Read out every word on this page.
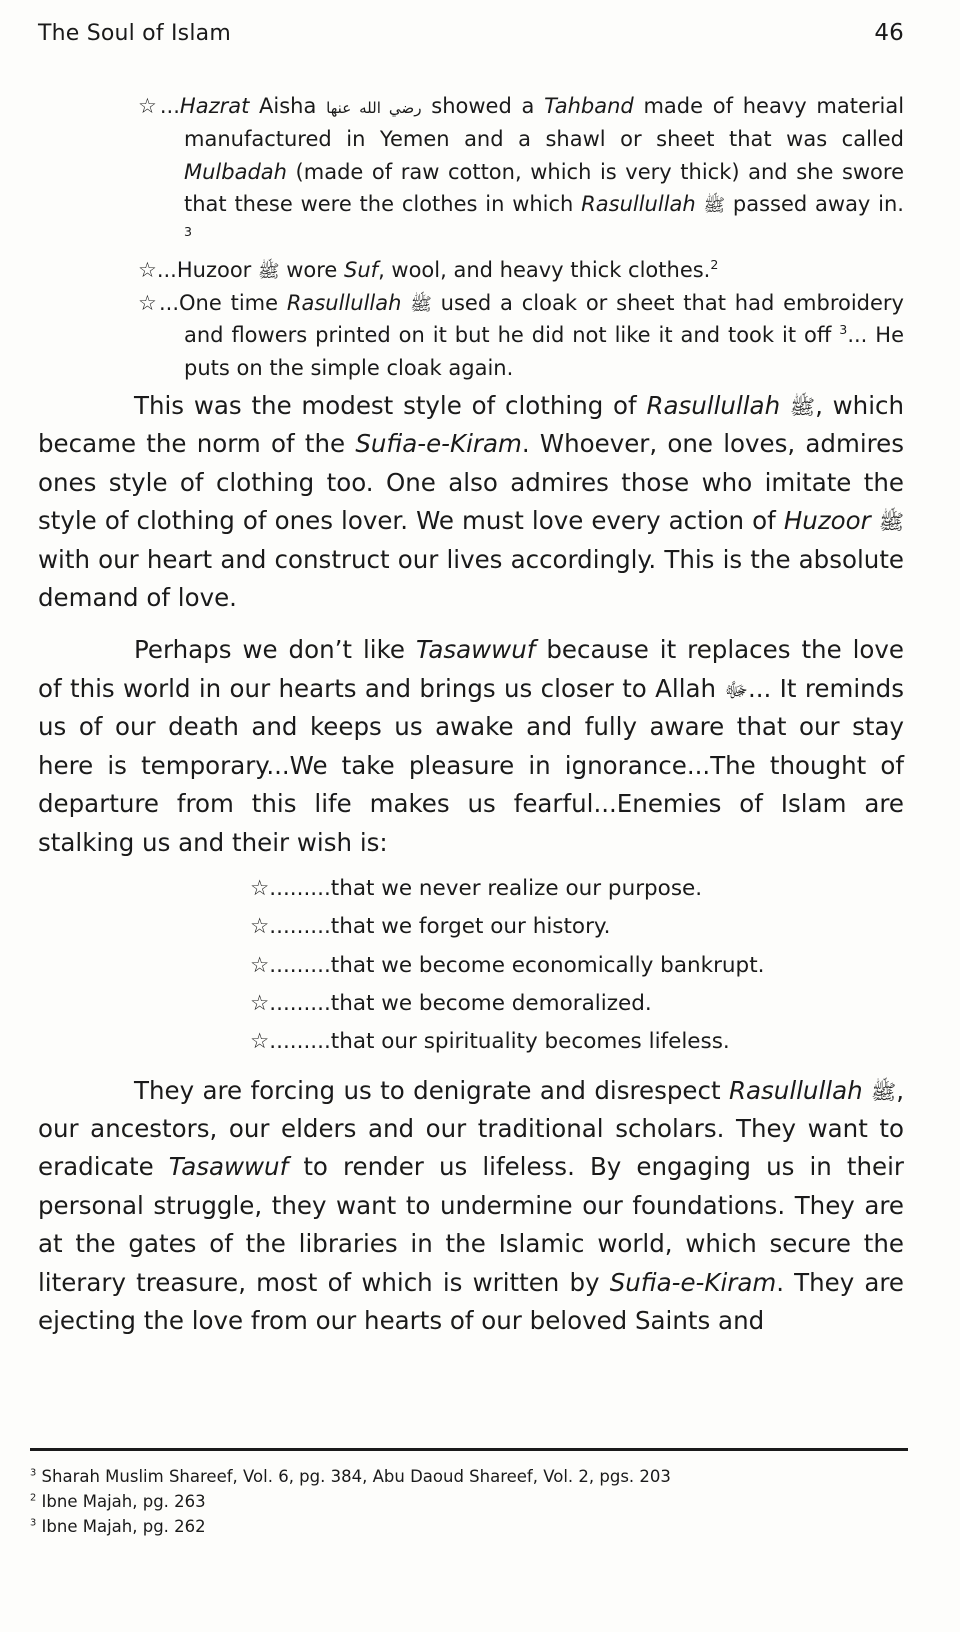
The Soul of Islam	46

☆...Hazrat Aisha رضي الله عنها showed a Tahband made of heavy material manufactured in Yemen and a shawl or sheet that was called Mulbadah (made of raw cotton, which is very thick) and she swore that these were the clothes in which Rasullullah ﷺ passed away in. $^3$

☆...Huzoor ﷺ wore Suf, wool, and heavy thick clothes.$^2$

☆...One time Rasullullah ﷺ used a cloak or sheet that had embroidery and flowers printed on it but he did not like it and took it off $^3$... He puts on the simple cloak again.

This was the modest style of clothing of Rasullullah ﷺ, which became the norm of the Sufia-e-Kiram. Whoever, one loves, admires ones style of clothing too. One also admires those who imitate the style of clothing of ones lover. We must love every action of Huzoor ﷺ with our heart and construct our lives accordingly. This is the absolute demand of love.

Perhaps we don’t like Tasawwuf because it replaces the love of this world in our hearts and brings us closer to Allah ﷻ... It reminds us of our death and keeps us awake and fully aware that our stay here is temporary...We take pleasure in ignorance...The thought of departure from this life makes us fearful...Enemies of Islam are stalking us and their wish is:

☆.........that we never realize our purpose.
☆.........that we forget our history.
☆.........that we become economically bankrupt.
☆.........that we become demoralized.
☆.........that our spirituality becomes lifeless.

They are forcing us to denigrate and disrespect Rasullullah ﷺ, our ancestors, our elders and our traditional scholars. They want to eradicate Tasawwuf to render us lifeless. By engaging us in their personal struggle, they want to undermine our foundations. They are at the gates of the libraries in the Islamic world, which secure the literary treasure, most of which is written by Sufia-e-Kiram. They are ejecting the love from our hearts of our beloved Saints and

$^3$ Sharah Muslim Shareef, Vol. 6, pg. 384, Abu Daoud Shareef, Vol. 2, pgs. 203

$^2$ Ibne Majah, pg. 263

$^3$ Ibne Majah, pg. 262
